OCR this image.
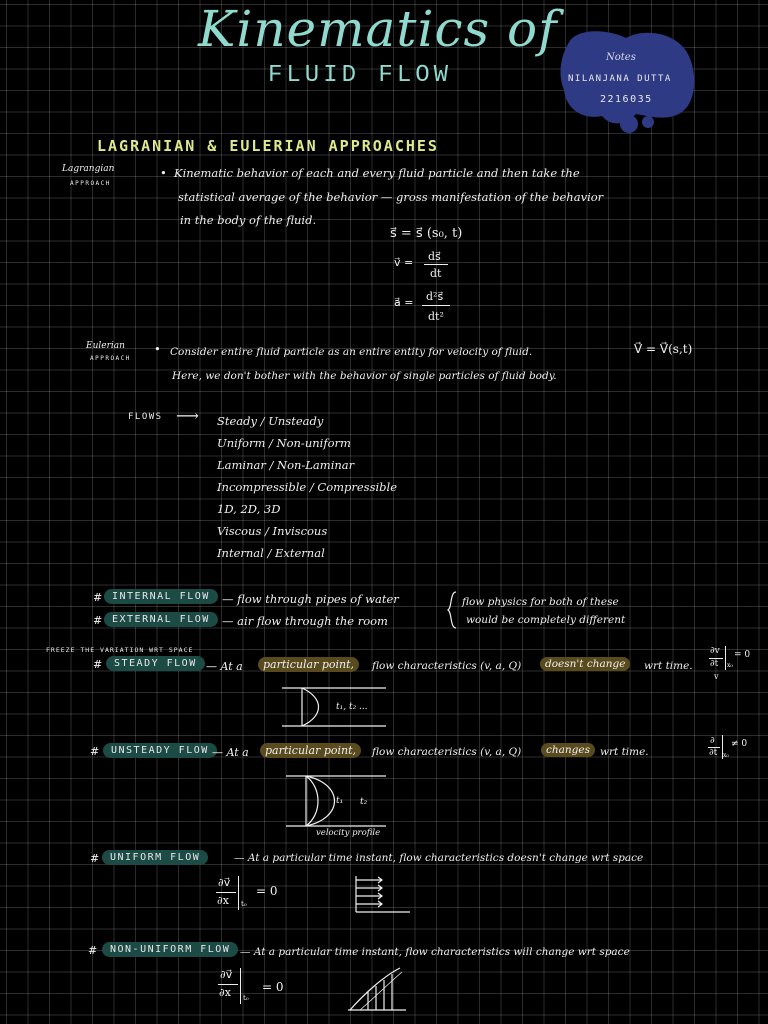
Kinematics of
FLUID FLOW
Notes
NILANJANA DUTTA
2216035
LAGRANIAN & EULERIAN APPROACHES
Lagrangian
APPROACH
• Kinematic behavior of each and every fluid particle and then take the
statistical average of the behavior — gross manifestation of the behavior
in the body of the fluid.
s⃗ = s⃗ (s₀, t)
v⃗ = ds⃗
dt
a⃗ = d²s⃗
dt²
Eulerian
APPROACH
• Consider entire fluid particle as an entire entity for velocity of fluid.	V⃗ = V⃗(s,t)
Here, we don't bother with the behavior of single particles of fluid body.
FLOWS ⟶ Steady / Unsteady
Uniform / Non-uniform
Laminar / Non-Laminar
Incompressible / Compressible
1D, 2D, 3D
Viscous / Inviscous
Internal / External
# INTERNAL FLOW	— flow through pipes of water
# EXTERNAL FLOW	— air flow through the room
flow physics for both of these
would be completely different
FREEZE THE VARIATION WRT SPACE
#	STEADY FLOW — At a	particular point,	flow characteristics (v, a, Q)	doesn't change	wrt time.
∂v
∂t x₀
= 0
v
t₁, t₂ ...
#	UNSTEADY FLOW — At a	particular point,	flow characteristics (v, a, Q)	changes wrt time.
∂
∂t x₀
≠ 0
t₁ t₂
velocity profile
#	UNIFORM FLOW	— At a particular time instant, flow characteristics doesn't change wrt space
∂v⃗
∂x t₀
= 0
#	NON-UNIFORM FLOW — At a particular time instant, flow characteristics will change wrt space
∂v⃗
∂x t₀
= 0
